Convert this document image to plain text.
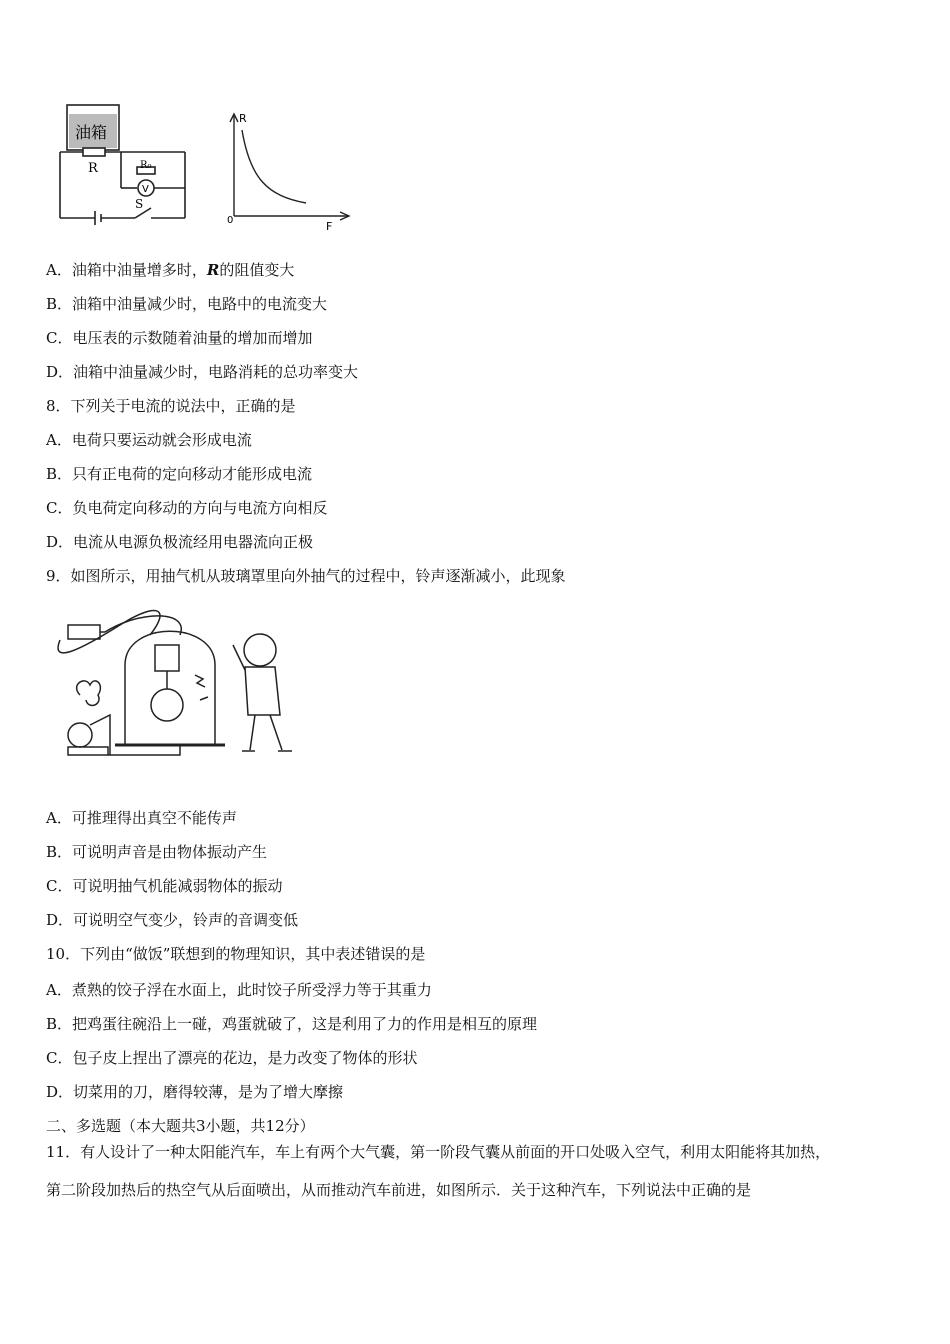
油箱
R	R₀
V
S
R
F
0
A．油箱中油量增多时，R的阻值变大
B．油箱中油量减少时，电路中的电流变大
C．电压表的示数随着油量的增加而增加
D．油箱中油量减少时，电路消耗的总功率变大
8．下列关于电流的说法中，正确的是
A．电荷只要运动就会形成电流
B．只有正电荷的定向移动才能形成电流
C．负电荷定向移动的方向与电流方向相反
D．电流从电源负极流经用电器流向正极
9．如图所示，用抽气机从玻璃罩里向外抽气的过程中，铃声逐渐减小，此现象
A．可推理得出真空不能传声
B．可说明声音是由物体振动产生
C．可说明抽气机能减弱物体的振动
D．可说明空气变少，铃声的音调变低
10．下列由“做饭”联想到的物理知识，其中表述错误的是
A．煮熟的饺子浮在水面上，此时饺子所受浮力等于其重力
B．把鸡蛋往碗沿上一碰，鸡蛋就破了，这是利用了力的作用是相互的原理
C．包子皮上捏出了漂亮的花边，是力改变了物体的形状
D．切菜用的刀，磨得较薄，是为了增大摩擦
二、多选题（本大题共3小题，共12分）
11．有人设计了一种太阳能汽车，车上有两个大气囊，第一阶段气囊从前面的开口处吸入空气，利用太阳能将其加热，
第二阶段加热后的热空气从后面喷出，从而推动汽车前进，如图所示．关于这种汽车，下列说法中正确的是
